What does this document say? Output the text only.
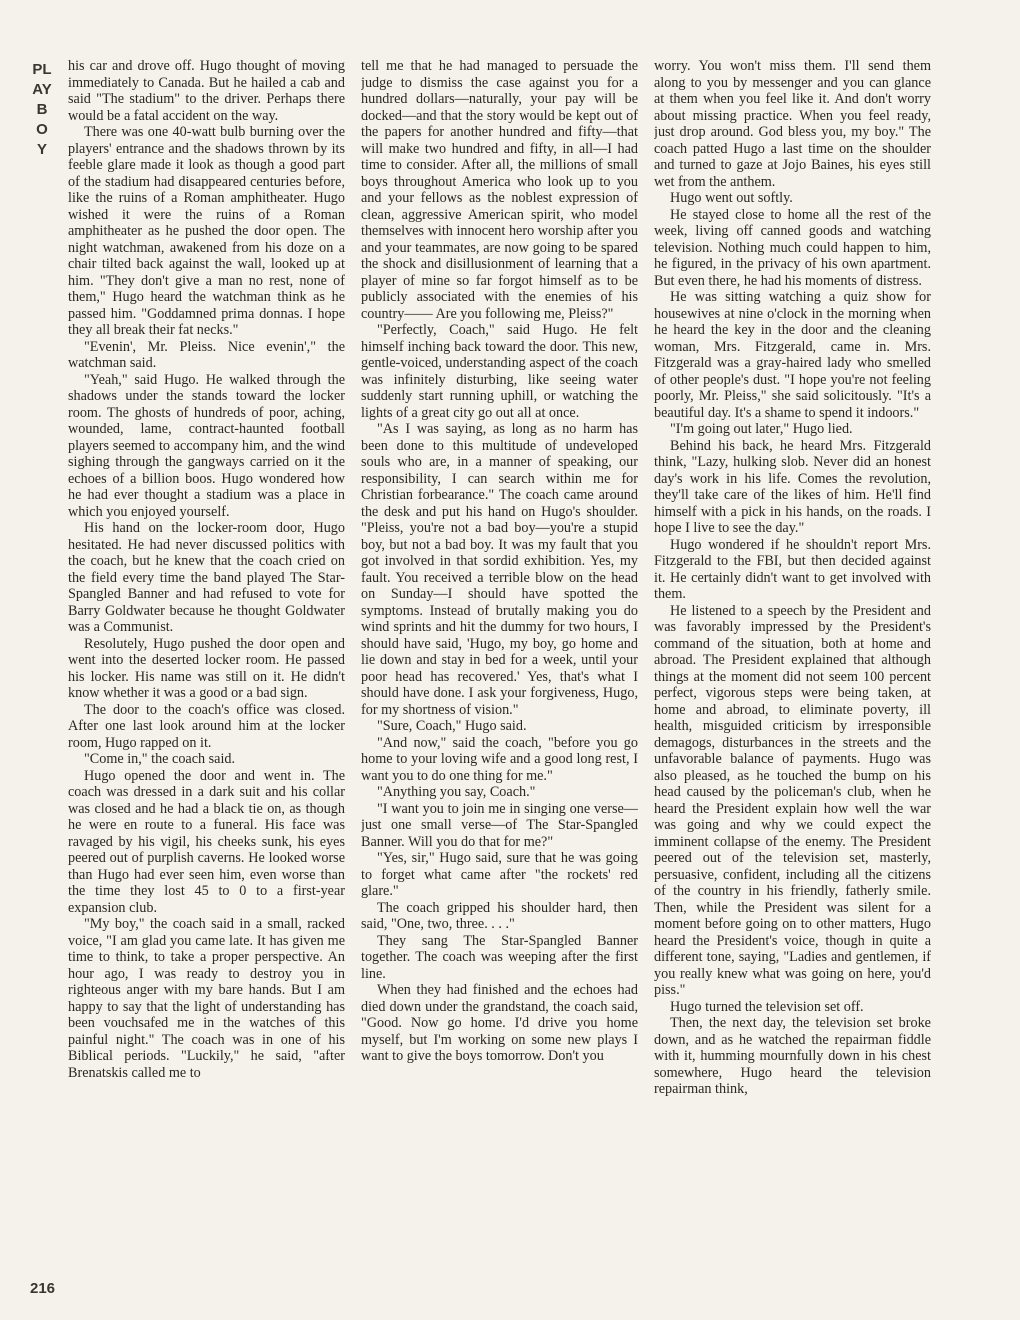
PLAYBOY

his car and drove off. Hugo thought of moving immediately to Canada. But he hailed a cab and said "The stadium" to the driver. Perhaps there would be a fatal accident on the way.

There was one 40-watt bulb burning over the players' entrance and the shadows thrown by its feeble glare made it look as though a good part of the stadium had disappeared centuries before, like the ruins of a Roman amphitheater. Hugo wished it were the ruins of a Roman amphitheater as he pushed the door open. The night watchman, awakened from his doze on a chair tilted back against the wall, looked up at him. "They don't give a man no rest, none of them," Hugo heard the watchman think as he passed him. "Goddamned prima donnas. I hope they all break their fat necks."

"Evenin', Mr. Pleiss. Nice evenin'," the watchman said.

"Yeah," said Hugo. He walked through the shadows under the stands toward the locker room. The ghosts of hundreds of poor, aching, wounded, lame, contract-haunted football players seemed to accompany him, and the wind sighing through the gangways carried on it the echoes of a billion boos. Hugo wondered how he had ever thought a stadium was a place in which you enjoyed yourself.

His hand on the locker-room door, Hugo hesitated. He had never discussed politics with the coach, but he knew that the coach cried on the field every time the band played The Star-Spangled Banner and had refused to vote for Barry Goldwater because he thought Goldwater was a Communist.

Resolutely, Hugo pushed the door open and went into the deserted locker room. He passed his locker. His name was still on it. He didn't know whether it was a good or a bad sign.

The door to the coach's office was closed. After one last look around him at the locker room, Hugo rapped on it.

"Come in," the coach said.

Hugo opened the door and went in. The coach was dressed in a dark suit and his collar was closed and he had a black tie on, as though he were en route to a funeral. His face was ravaged by his vigil, his cheeks sunk, his eyes peered out of purplish caverns. He looked worse than Hugo had ever seen him, even worse than the time they lost 45 to 0 to a first-year expansion club.

"My boy," the coach said in a small, racked voice, "I am glad you came late. It has given me time to think, to take a proper perspective. An hour ago, I was ready to destroy you in righteous anger with my bare hands. But I am happy to say that the light of understanding has been vouchsafed me in the watches of this painful night." The coach was in one of his Biblical periods. "Luckily," he said, "after Brenatskis called me to

tell me that he had managed to persuade the judge to dismiss the case against you for a hundred dollars—naturally, your pay will be docked—and that the story would be kept out of the papers for another hundred and fifty—that will make two hundred and fifty, in all—I had time to consider. After all, the millions of small boys throughout America who look up to you and your fellows as the noblest expression of clean, aggressive American spirit, who model themselves with innocent hero worship after you and your teammates, are now going to be spared the shock and disillusionment of learning that a player of mine so far forgot himself as to be publicly associated with the enemies of his country—— Are you following me, Pleiss?"

"Perfectly, Coach," said Hugo. He felt himself inching back toward the door. This new, gentle-voiced, understanding aspect of the coach was infinitely disturbing, like seeing water suddenly start running uphill, or watching the lights of a great city go out all at once.

"As I was saying, as long as no harm has been done to this multitude of undeveloped souls who are, in a manner of speaking, our responsibility, I can search within me for Christian forbearance." The coach came around the desk and put his hand on Hugo's shoulder. "Pleiss, you're not a bad boy—you're a stupid boy, but not a bad boy. It was my fault that you got involved in that sordid exhibition. Yes, my fault. You received a terrible blow on the head on Sunday—I should have spotted the symptoms. Instead of brutally making you do wind sprints and hit the dummy for two hours, I should have said, 'Hugo, my boy, go home and lie down and stay in bed for a week, until your poor head has recovered.' Yes, that's what I should have done. I ask your forgiveness, Hugo, for my shortness of vision."

"Sure, Coach," Hugo said.

"And now," said the coach, "before you go home to your loving wife and a good long rest, I want you to do one thing for me."

"Anything you say, Coach."

"I want you to join me in singing one verse—just one small verse—of The Star-Spangled Banner. Will you do that for me?"

"Yes, sir," Hugo said, sure that he was going to forget what came after "the rockets' red glare."

The coach gripped his shoulder hard, then said, "One, two, three. . . ."

They sang The Star-Spangled Banner together. The coach was weeping after the first line.

When they had finished and the echoes had died down under the grandstand, the coach said, "Good. Now go home. I'd drive you home myself, but I'm working on some new plays I want to give the boys tomorrow. Don't you

worry. You won't miss them. I'll send them along to you by messenger and you can glance at them when you feel like it. And don't worry about missing practice. When you feel ready, just drop around. God bless you, my boy." The coach patted Hugo a last time on the shoulder and turned to gaze at Jojo Baines, his eyes still wet from the anthem.

Hugo went out softly.

He stayed close to home all the rest of the week, living off canned goods and watching television. Nothing much could happen to him, he figured, in the privacy of his own apartment. But even there, he had his moments of distress.

He was sitting watching a quiz show for housewives at nine o'clock in the morning when he heard the key in the door and the cleaning woman, Mrs. Fitzgerald, came in. Mrs. Fitzgerald was a gray-haired lady who smelled of other people's dust. "I hope you're not feeling poorly, Mr. Pleiss," she said solicitously. "It's a beautiful day. It's a shame to spend it indoors."

"I'm going out later," Hugo lied.

Behind his back, he heard Mrs. Fitzgerald think, "Lazy, hulking slob. Never did an honest day's work in his life. Comes the revolution, they'll take care of the likes of him. He'll find himself with a pick in his hands, on the roads. I hope I live to see the day."

Hugo wondered if he shouldn't report Mrs. Fitzgerald to the FBI, but then decided against it. He certainly didn't want to get involved with them.

He listened to a speech by the President and was favorably impressed by the President's command of the situation, both at home and abroad. The President explained that although things at the moment did not seem 100 percent perfect, vigorous steps were being taken, at home and abroad, to eliminate poverty, ill health, misguided criticism by irresponsible demagogs, disturbances in the streets and the unfavorable balance of payments. Hugo was also pleased, as he touched the bump on his head caused by the policeman's club, when he heard the President explain how well the war was going and why we could expect the imminent collapse of the enemy. The President peered out of the television set, masterly, persuasive, confident, including all the citizens of the country in his friendly, fatherly smile. Then, while the President was silent for a moment before going on to other matters, Hugo heard the President's voice, though in quite a different tone, saying, "Ladies and gentlemen, if you really knew what was going on here, you'd piss."

Hugo turned the television set off.

Then, the next day, the television set broke down, and as he watched the repairman fiddle with it, humming mournfully down in his chest somewhere, Hugo heard the television repairman think,

216
